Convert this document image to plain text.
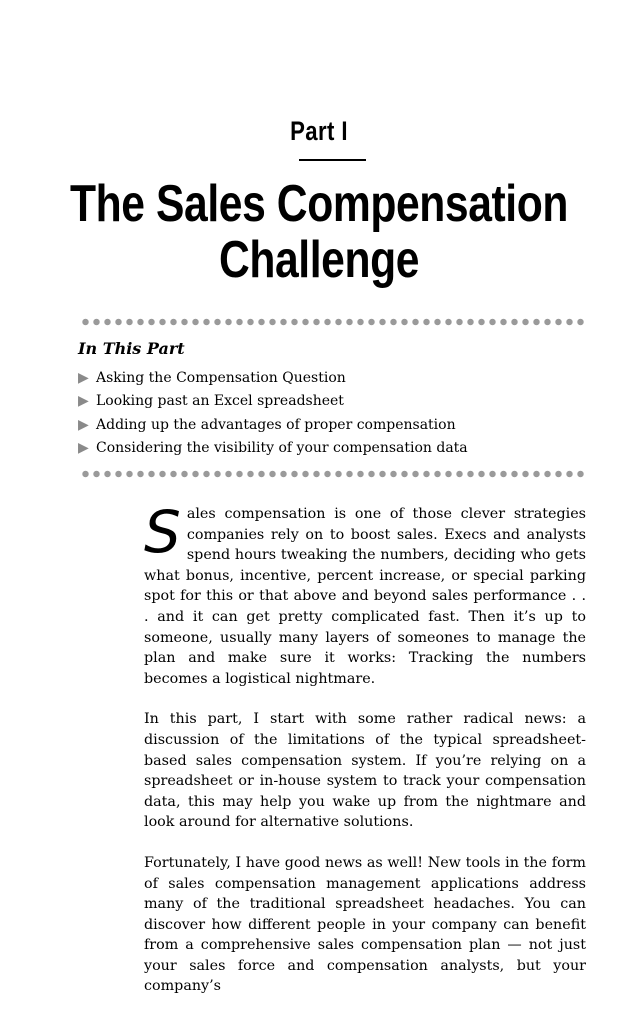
Part I
The Sales Compensation
Challenge
In This Part
▶ Asking the Compensation Question
▶ Looking past an Excel spreadsheet
▶ Adding up the advantages of proper compensation
▶ Considering the visibility of your compensation data

Sales compensation is one of those clever strategies companies rely on to boost sales. Execs and analysts spend hours tweaking the numbers, deciding who gets what bonus, incentive, percent increase, or special parking spot for this or that above and beyond sales performance . . . and it can get pretty complicated fast. Then it’s up to someone, usually many layers of someones to manage the plan and make sure it works: Tracking the numbers becomes a logistical nightmare.

In this part, I start with some rather radical news: a discussion of the limitations of the typical spreadsheet-based sales compensation system. If you’re relying on a spreadsheet or in-house system to track your compensation data, this may help you wake up from the nightmare and look around for alternative solutions.

Fortunately, I have good news as well! New tools in the form of sales compensation management applications address many of the traditional spreadsheet headaches. You can discover how different people in your company can benefit from a comprehensive sales compensation plan — not just your sales force and compensation analysts, but your company’s
